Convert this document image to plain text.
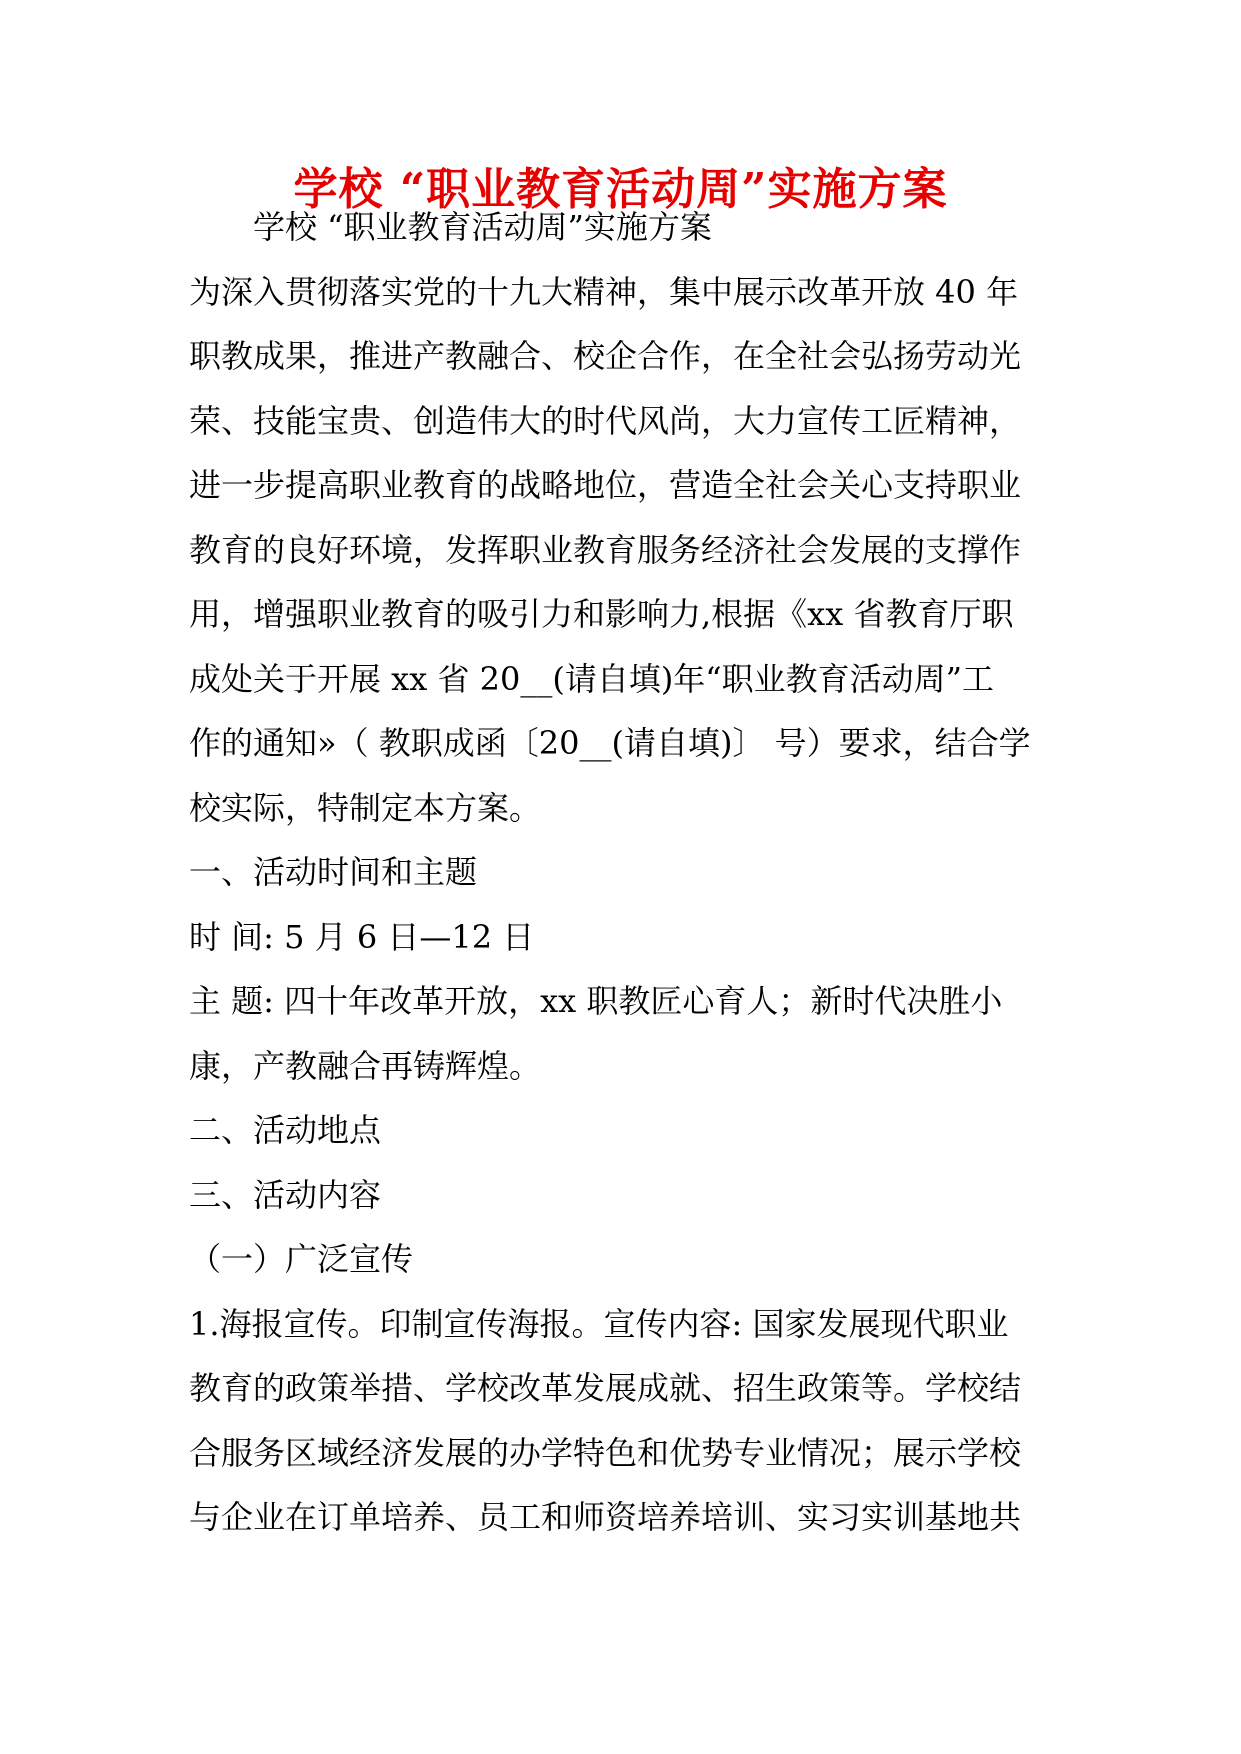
学校 “职业教育活动周”实施方案
学校 “职业教育活动周”实施方案
为深入贯彻落实党的十九大精神，集中展示改革开放 40 年
职教成果，推进产教融合、校企合作，在全社会弘扬劳动光
荣、技能宝贵、创造伟大的时代风尚，大力宣传工匠精神，
进一步提高职业教育的战略地位，营造全社会关心支持职业
教育的良好环境，发挥职业教育服务经济社会发展的支撑作
用，增强职业教育的吸引力和影响力,根据《xx 省教育厅职
成处关于开展 xx 省 20__(请自填)年“职业教育活动周”工
作的通知»（ 教职成函〔20__(请自填)〕 号）要求，结合学
校实际，特制定本方案。
一、活动时间和主题
时 间: 5 月 6 日—12 日
主 题: 四十年改革开放，xx 职教匠心育人；新时代决胜小
康，产教融合再铸辉煌。
二、活动地点
三、活动内容
（一）广泛宣传
1.海报宣传。印制宣传海报。宣传内容: 国家发展现代职业
教育的政策举措、学校改革发展成就、招生政策等。学校结
合服务区域经济发展的办学特色和优势专业情况；展示学校
与企业在订单培养、员工和师资培养培训、实习实训基地共
